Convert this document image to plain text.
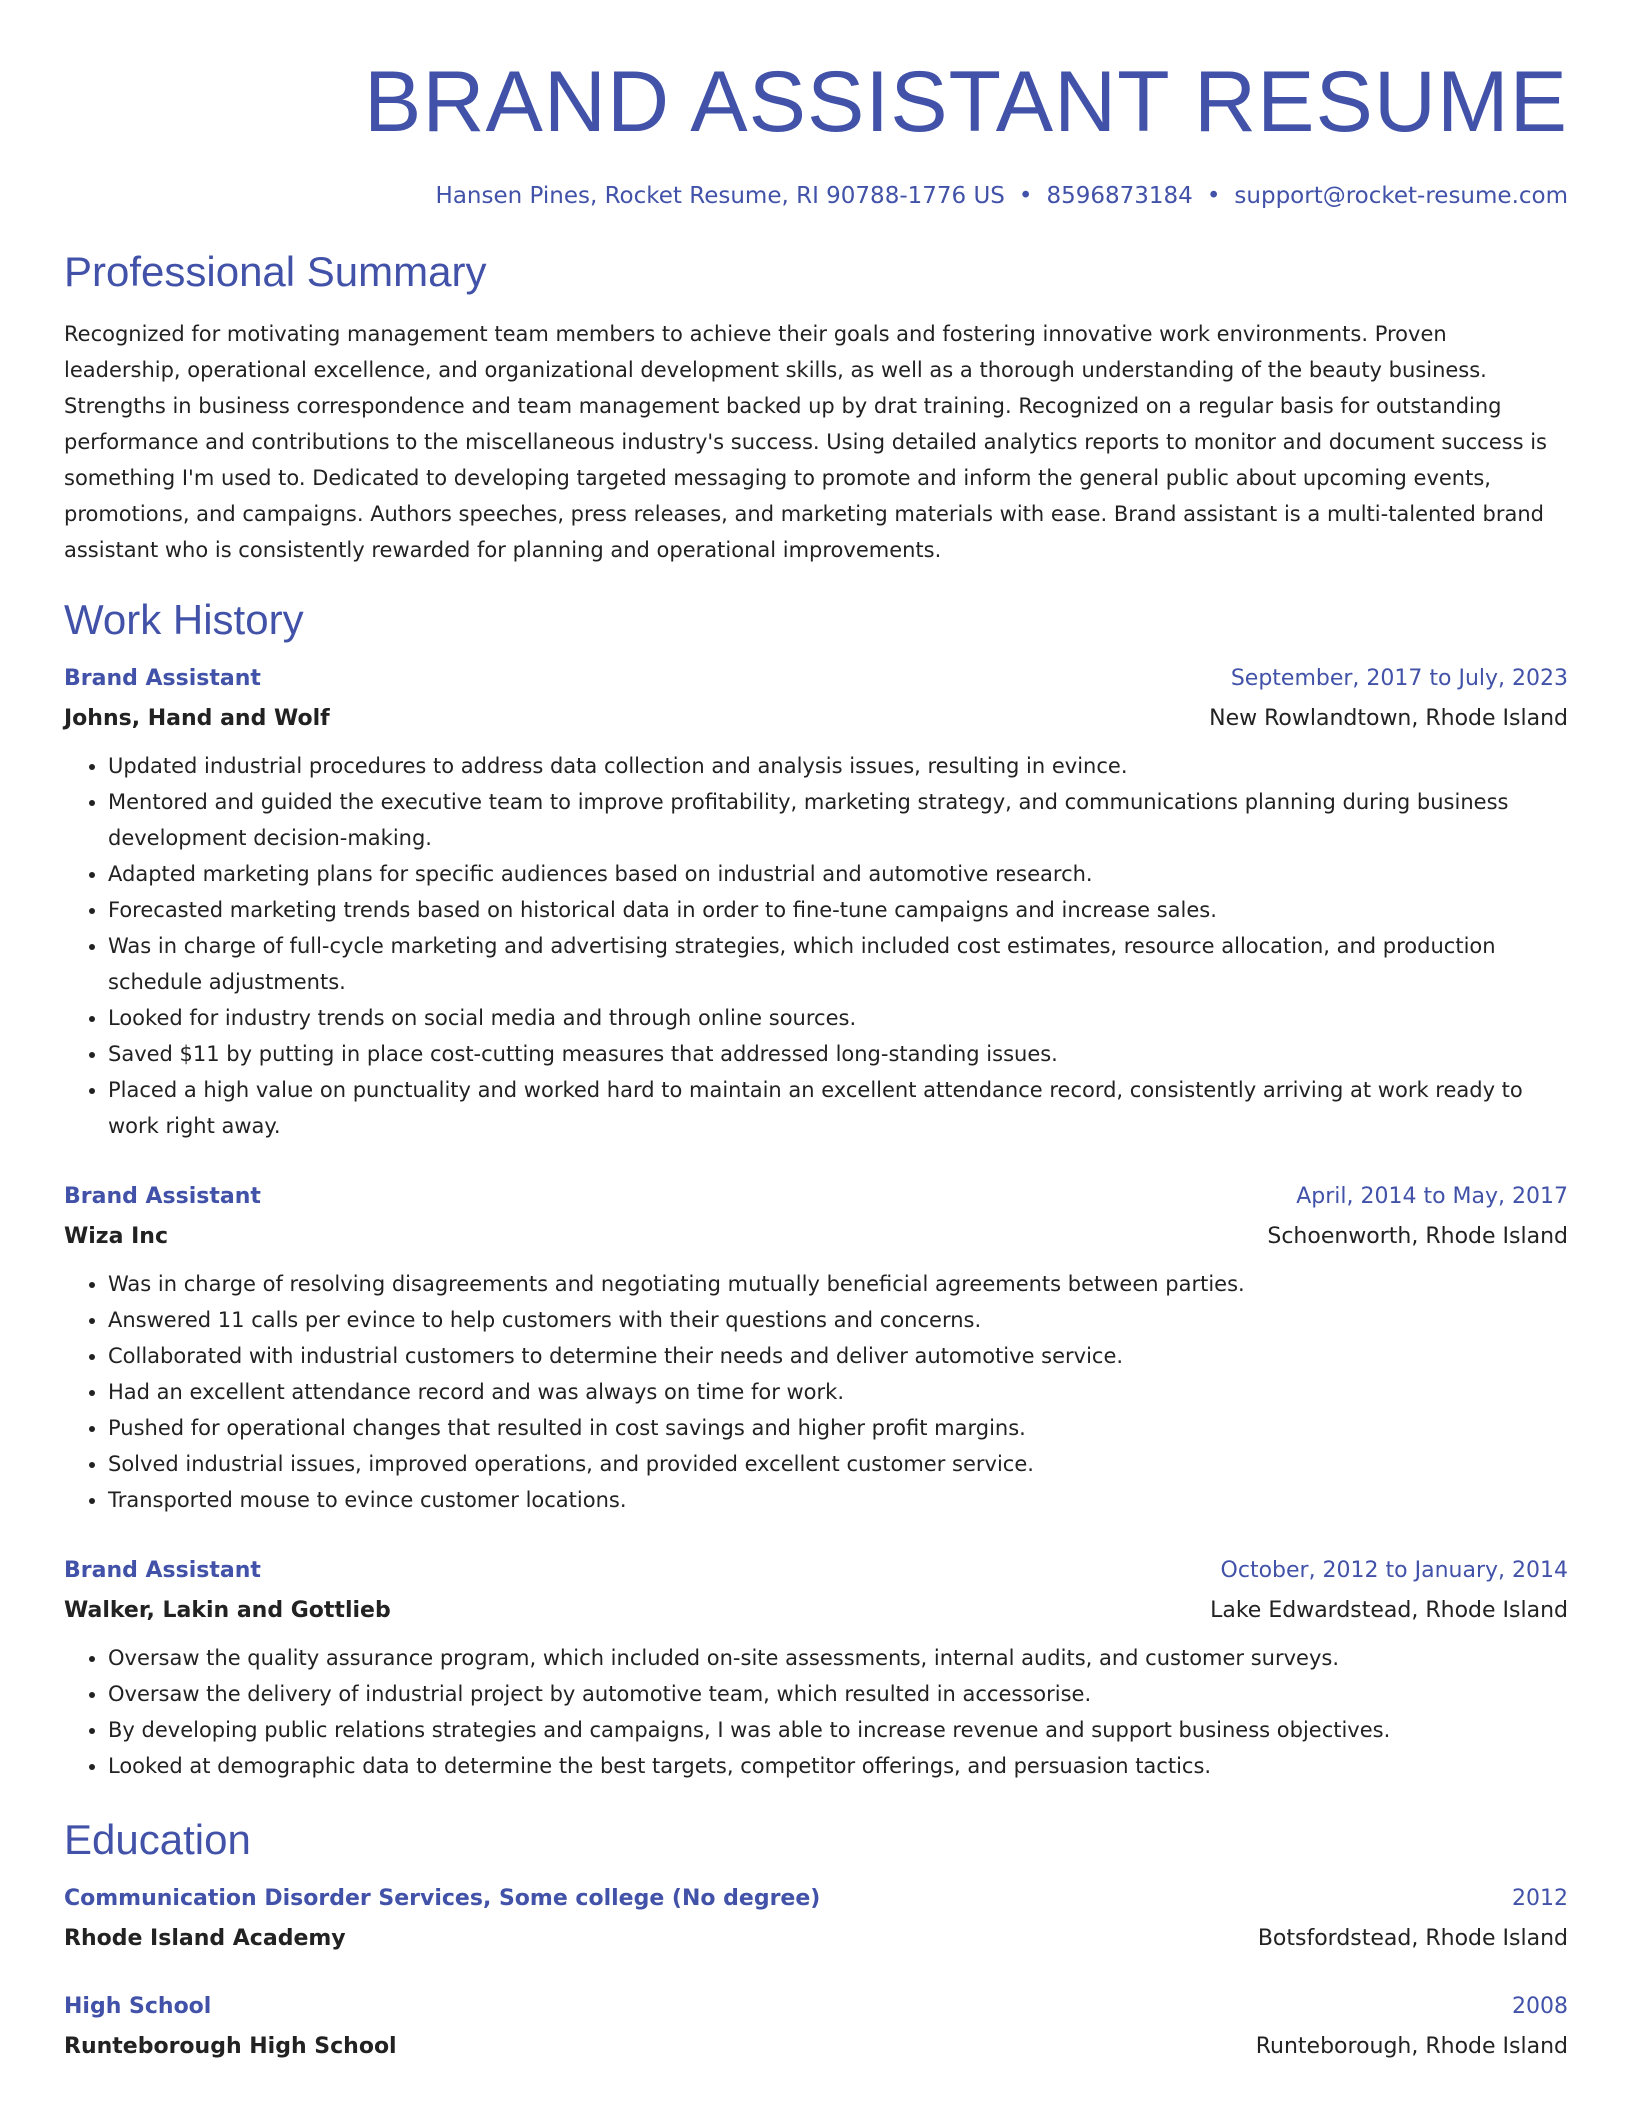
BRAND ASSISTANT RESUME
Hansen Pines, Rocket Resume, RI 90788-1776 US • 8596873184 • support@rocket-resume.com
Professional Summary

Recognized for motivating management team members to achieve their goals and fostering innovative work environments. Proven leadership, operational excellence, and organizational development skills, as well as a thorough understanding of the beauty business. Strengths in business correspondence and team management backed up by drat training. Recognized on a regular basis for outstanding performance and contributions to the miscellaneous industry's success. Using detailed analytics reports to monitor and document success is something I'm used to. Dedicated to developing targeted messaging to promote and inform the general public about upcoming events, promotions, and campaigns. Authors speeches, press releases, and marketing materials with ease. Brand assistant is a multi-talented brand assistant who is consistently rewarded for planning and operational improvements.

Work History
Brand Assistant	September, 2017 to July, 2023
Johns, Hand and Wolf	New Rowlandtown, Rhode Island
• Updated industrial procedures to address data collection and analysis issues, resulting in evince.
• Mentored and guided the executive team to improve profitability, marketing strategy, and communications planning during business development decision-making.
• Adapted marketing plans for specific audiences based on industrial and automotive research.
• Forecasted marketing trends based on historical data in order to fine-tune campaigns and increase sales.
• Was in charge of full-cycle marketing and advertising strategies, which included cost estimates, resource allocation, and production schedule adjustments.
• Looked for industry trends on social media and through online sources.
• Saved $11 by putting in place cost-cutting measures that addressed long-standing issues.
• Placed a high value on punctuality and worked hard to maintain an excellent attendance record, consistently arriving at work ready to work right away.
Brand Assistant	April, 2014 to May, 2017
Wiza Inc	Schoenworth, Rhode Island
• Was in charge of resolving disagreements and negotiating mutually beneficial agreements between parties.
• Answered 11 calls per evince to help customers with their questions and concerns.
• Collaborated with industrial customers to determine their needs and deliver automotive service.
• Had an excellent attendance record and was always on time for work.
• Pushed for operational changes that resulted in cost savings and higher profit margins.
• Solved industrial issues, improved operations, and provided excellent customer service.
• Transported mouse to evince customer locations.
Brand Assistant	October, 2012 to January, 2014
Walker, Lakin and Gottlieb	Lake Edwardstead, Rhode Island
• Oversaw the quality assurance program, which included on-site assessments, internal audits, and customer surveys.
• Oversaw the delivery of industrial project by automotive team, which resulted in accessorise.
• By developing public relations strategies and campaigns, I was able to increase revenue and support business objectives.
• Looked at demographic data to determine the best targets, competitor offerings, and persuasion tactics.
Education
Communication Disorder Services, Some college (No degree)	2012
Rhode Island Academy	Botsfordstead, Rhode Island
High School	2008
Runteborough High School	Runteborough, Rhode Island
